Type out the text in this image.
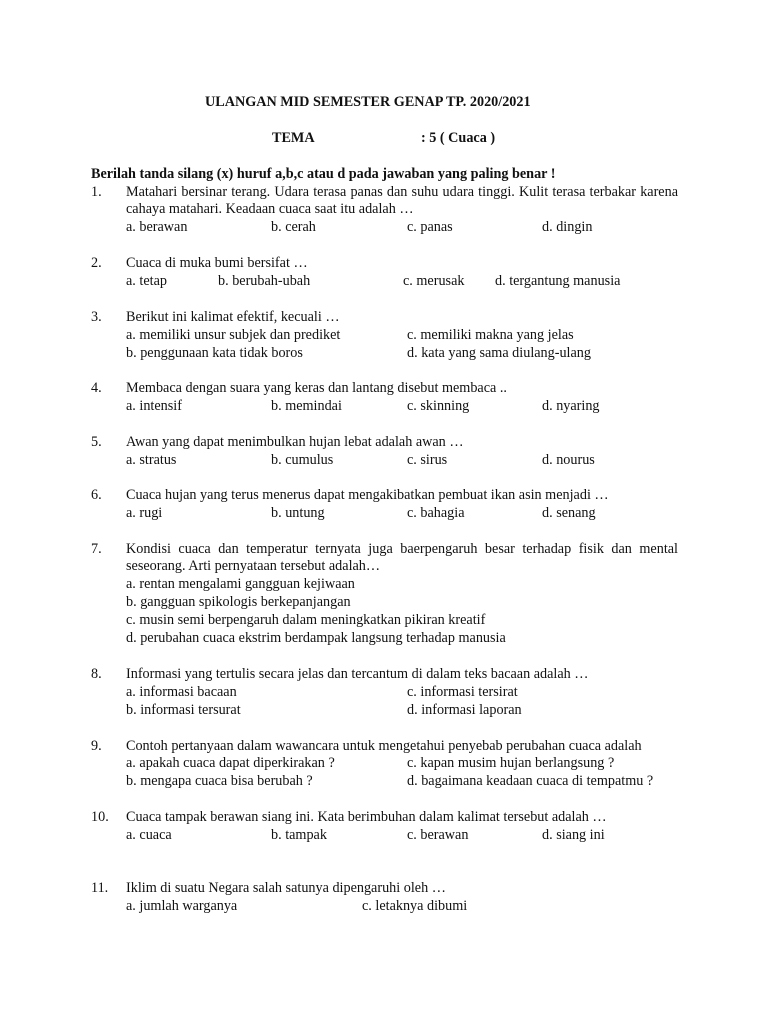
ULANGAN MID SEMESTER GENAP TP. 2020/2021
TEMA	: 5 ( Cuaca )
Berilah tanda silang (x) huruf a,b,c atau d pada jawaban yang paling benar !
1. Matahari bersinar terang. Udara terasa panas dan suhu udara tinggi. Kulit terasa terbakar karena cahaya matahari. Keadaan cuaca saat itu adalah …
a. berawan	b. cerah	c. panas	d. dingin
2. Cuaca di muka bumi bersifat …
a. tetap	b. berubah-ubah	c. merusak d. tergantung manusia
3. Berikut ini kalimat efektif, kecuali …
a. memiliki unsur subjek dan prediket
b. penggunaan kata tidak boros
c. memiliki makna yang jelas
d. kata yang sama diulang-ulang
4. Membaca dengan suara yang keras dan lantang disebut membaca ..
a. intensif	b. memindai	c. skinning	d. nyaring
5. Awan yang dapat menimbulkan hujan lebat adalah awan …
a. stratus	b. cumulus	c. sirus	d. nourus
6. Cuaca hujan yang terus menerus dapat mengakibatkan pembuat ikan asin menjadi …
a. rugi	b. untung	c. bahagia	d. senang
7. Kondisi cuaca dan temperatur ternyata juga baerpengaruh besar terhadap fisik dan mental seseorang. Arti pernyataan tersebut adalah…
a. rentan mengalami gangguan kejiwaan
b. gangguan spikologis berkepanjangan
c. musin semi berpengaruh dalam meningkatkan pikiran kreatif
d. perubahan cuaca ekstrim berdampak langsung terhadap manusia
8. Informasi yang tertulis secara jelas dan tercantum di dalam teks bacaan adalah …
a. informasi bacaan
b. informasi tersurat
c. informasi tersirat
d. informasi laporan
9. Contoh pertanyaan dalam wawancara untuk mengetahui penyebab perubahan cuaca adalah
a. apakah cuaca dapat diperkirakan ?
b. mengapa cuaca bisa berubah ?
c. kapan musim hujan berlangsung ?
d. bagaimana keadaan cuaca di tempatmu ?
10. Cuaca tampak berawan siang ini. Kata berimbuhan dalam kalimat tersebut adalah …
a. cuaca	b. tampak	c. berawan	d. siang ini
11. Iklim di suatu Negara salah satunya dipengaruhi oleh …
a. jumlah warganya	c. letaknya dibumi
